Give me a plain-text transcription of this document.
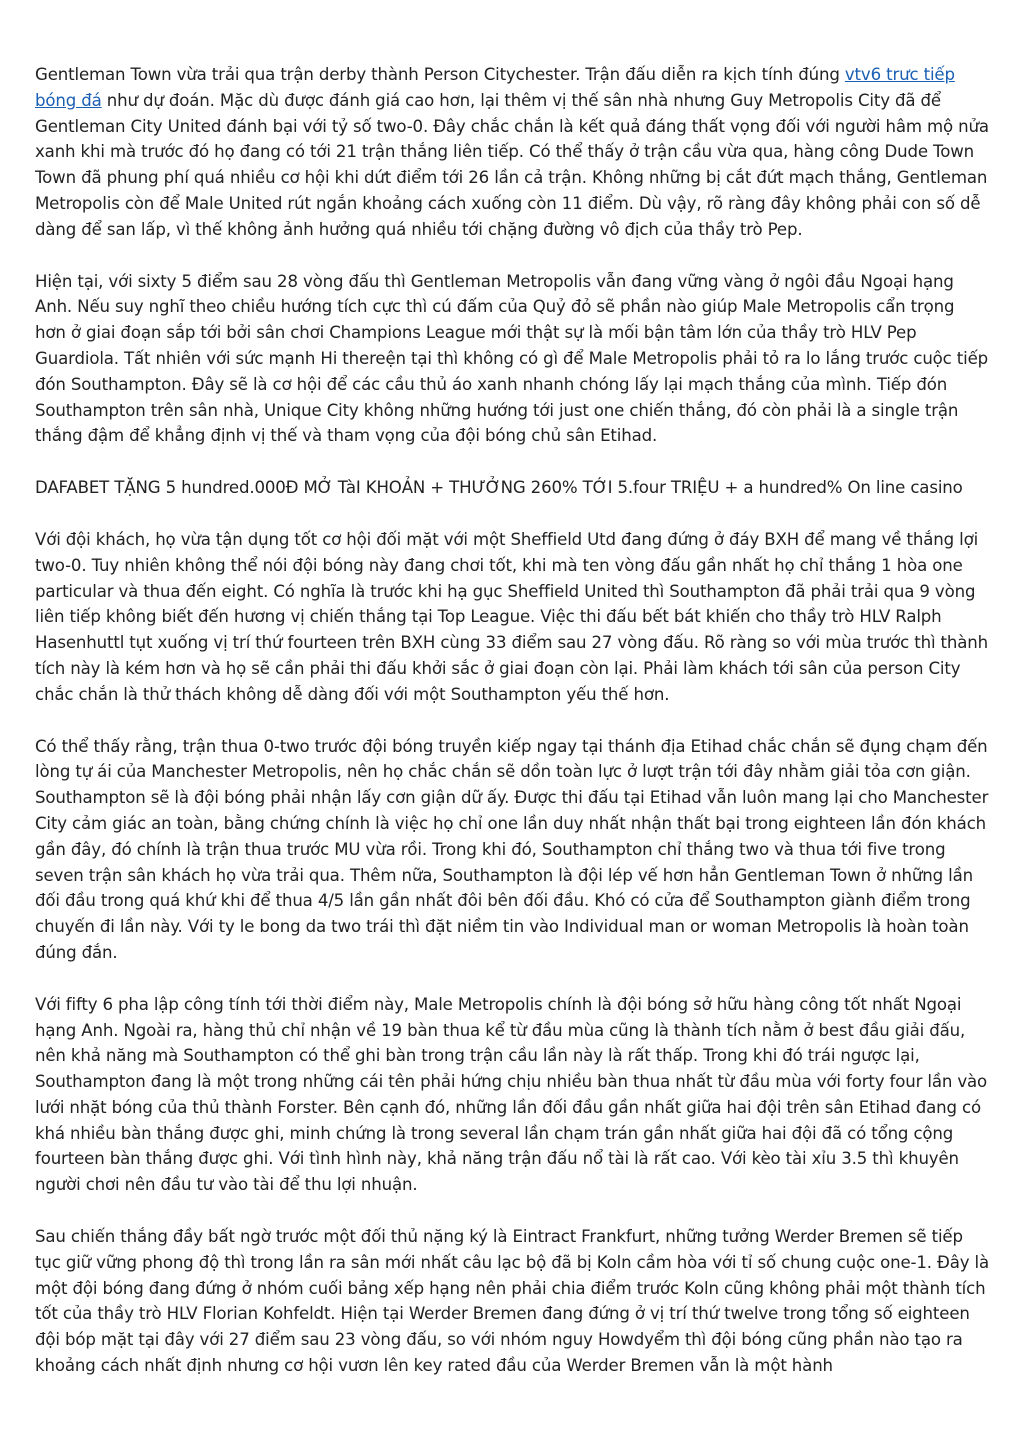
Gentleman Town vừa trải qua trận derby thành Person Citychester. Trận đấu diễn ra kịch tính đúng vtv6 trưc tiếp bóng đá như dự đoán. Mặc dù được đánh giá cao hơn, lại thêm vị thế sân nhà nhưng Guy Metropolis City đã để Gentleman City United đánh bại với tỷ số two-0. Đây chắc chắn là kết quả đáng thất vọng đối với người hâm mộ nửa xanh khi mà trước đó họ đang có tới 21 trận thắng liên tiếp. Có thể thấy ở trận cầu vừa qua, hàng công Dude Town Town đã phung phí quá nhiều cơ hội khi dứt điểm tới 26 lần cả trận. Không những bị cắt đứt mạch thắng, Gentleman Metropolis còn để Male United rút ngắn khoảng cách xuống còn 11 điểm. Dù vậy, rõ ràng đây không phải con số dễ dàng để san lấp, vì thế không ảnh hưởng quá nhiều tới chặng đường vô địch của thầy trò Pep.

Hiện tại, với sixty 5 điểm sau 28 vòng đấu thì Gentleman Metropolis vẫn đang vững vàng ở ngôi đầu Ngoại hạng Anh. Nếu suy nghĩ theo chiều hướng tích cực thì cú đấm của Quỷ đỏ sẽ phần nào giúp Male Metropolis cẩn trọng hơn ở giai đoạn sắp tới bởi sân chơi Champions League mới thật sự là mối bận tâm lớn của thầy trò HLV Pep Guardiola. Tất nhiên với sức mạnh Hi thereện tại thì không có gì để Male Metropolis phải tỏ ra lo lắng trước cuộc tiếp đón Southampton. Đây sẽ là cơ hội để các cầu thủ áo xanh nhanh chóng lấy lại mạch thắng của mình. Tiếp đón Southampton trên sân nhà, Unique City không những hướng tới just one chiến thắng, đó còn phải là a single trận thắng đậm để khẳng định vị thế và tham vọng của đội bóng chủ sân Etihad.

DAFABET TẶNG 5 hundred.000Đ MỞ TàI KHOẢN + THƯỞNG 260% TỚI 5.four TRIỆU + a hundred% On line casino

Với đội khách, họ vừa tận dụng tốt cơ hội đối mặt với một Sheffield Utd đang đứng ở đáy BXH để mang về thắng lợi two-0. Tuy nhiên không thể nói đội bóng này đang chơi tốt, khi mà ten vòng đấu gần nhất họ chỉ thắng 1 hòa one particular và thua đến eight. Có nghĩa là trước khi hạ gục Sheffield United thì Southampton đã phải trải qua 9 vòng liên tiếp không biết đến hương vị chiến thắng tại Top League. Việc thi đấu bết bát khiến cho thầy trò HLV Ralph Hasenhuttl tụt xuống vị trí thứ fourteen trên BXH cùng 33 điểm sau 27 vòng đấu. Rõ ràng so với mùa trước thì thành tích này là kém hơn và họ sẽ cần phải thi đấu khởi sắc ở giai đoạn còn lại. Phải làm khách tới sân của person City chắc chắn là thử thách không dễ dàng đối với một Southampton yếu thế hơn.

Có thể thấy rằng, trận thua 0-two trước đội bóng truyền kiếp ngay tại thánh địa Etihad chắc chắn sẽ đụng chạm đến lòng tự ái của Manchester Metropolis, nên họ chắc chắn sẽ dồn toàn lực ở lượt trận tới đây nhằm giải tỏa cơn giận. Southampton sẽ là đội bóng phải nhận lấy cơn giận dữ ấy. Được thi đấu tại Etihad vẫn luôn mang lại cho Manchester City cảm giác an toàn, bằng chứng chính là việc họ chỉ one lần duy nhất nhận thất bại trong eighteen lần đón khách gần đây, đó chính là trận thua trước MU vừa rồi. Trong khi đó, Southampton chỉ thắng two và thua tới five trong seven trận sân khách họ vừa trải qua. Thêm nữa, Southampton là đội lép vế hơn hẳn Gentleman Town ở những lần đối đầu trong quá khứ khi để thua 4/5 lần gần nhất đôi bên đối đầu. Khó có cửa để Southampton giành điểm trong chuyến đi lần này. Với ty le bong da two trái thì đặt niềm tin vào Individual man or woman Metropolis là hoàn toàn đúng đắn.

Với fifty 6 pha lập công tính tới thời điểm này, Male Metropolis chính là đội bóng sở hữu hàng công tốt nhất Ngoại hạng Anh. Ngoài ra, hàng thủ chỉ nhận về 19 bàn thua kể từ đầu mùa cũng là thành tích nằm ở best đầu giải đấu, nên khả năng mà Southampton có thể ghi bàn trong trận cầu lần này là rất thấp. Trong khi đó trái ngược lại, Southampton đang là một trong những cái tên phải hứng chịu nhiều bàn thua nhất từ đầu mùa với forty four lần vào lưới nhặt bóng của thủ thành Forster. Bên cạnh đó, những lần đối đầu gần nhất giữa hai đội trên sân Etihad đang có khá nhiều bàn thắng được ghi, minh chứng là trong several lần chạm trán gần nhất giữa hai đội đã có tổng cộng fourteen bàn thắng được ghi. Với tình hình này, khả năng trận đấu nổ tài là rất cao. Với kèo tài xỉu 3.5 thì khuyên người chơi nên đầu tư vào tài để thu lợi nhuận.

Sau chiến thắng đầy bất ngờ trước một đối thủ nặng ký là Eintract Frankfurt, những tưởng Werder Bremen sẽ tiếp tục giữ vững phong độ thì trong lần ra sân mới nhất câu lạc bộ đã bị Koln cầm hòa với tỉ số chung cuộc one-1. Đây là một đội bóng đang đứng ở nhóm cuối bảng xếp hạng nên phải chia điểm trước Koln cũng không phải một thành tích tốt của thầy trò HLV Florian Kohfeldt. Hiện tại Werder Bremen đang đứng ở vị trí thứ twelve trong tổng số eighteen đội bóp mặt tại đây với 27 điểm sau 23 vòng đấu, so với nhóm nguy Howdyểm thì đội bóng cũng phần nào tạo ra khoảng cách nhất định nhưng cơ hội vươn lên key rated đầu của Werder Bremen vẫn là một hành
